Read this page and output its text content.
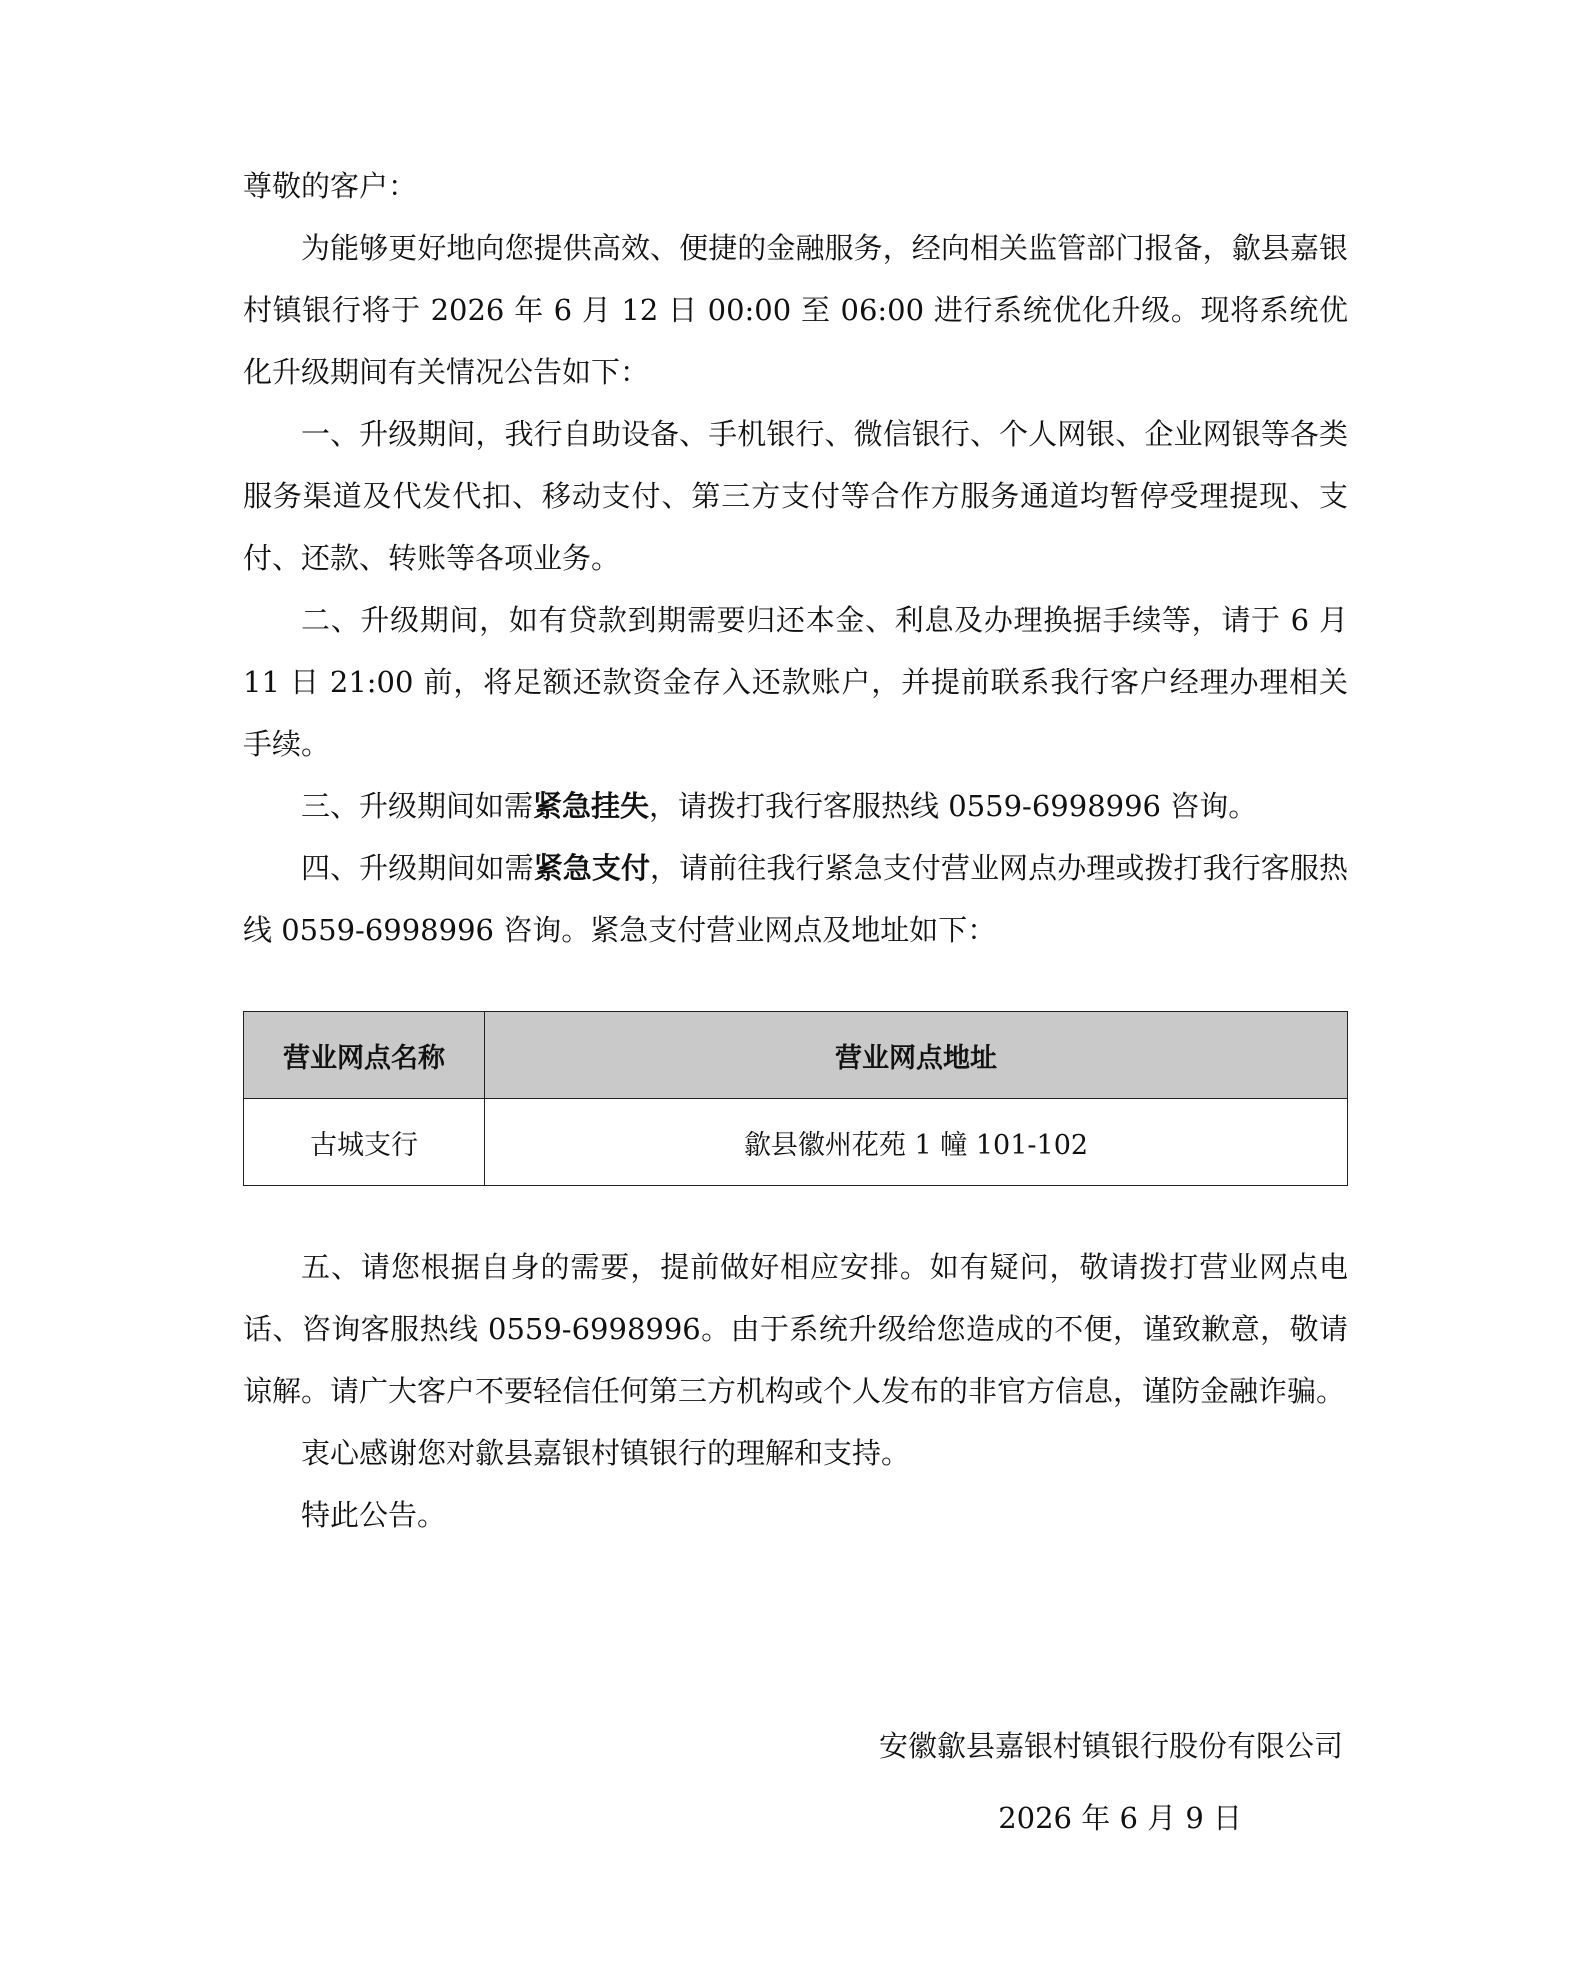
尊敬的客户：

为能够更好地向您提供高效、便捷的金融服务，经向相关监管部门报备，歙县嘉银村镇银行将于 2026 年 6 月 12 日 00:00 至 06:00 进行系统优化升级。现将系统优化升级期间有关情况公告如下：

一、升级期间，我行自助设备、手机银行、微信银行、个人网银、企业网银等各类服务渠道及代发代扣、移动支付、第三方支付等合作方服务通道均暂停受理提现、支付、还款、转账等各项业务。

二、升级期间，如有贷款到期需要归还本金、利息及办理换据手续等，请于 6 月 11 日 21:00 前，将足额还款资金存入还款账户，并提前联系我行客户经理办理相关手续。

三、升级期间如需紧急挂失，请拨打我行客服热线 0559-6998996 咨询。

四、升级期间如需紧急支付，请前往我行紧急支付营业网点办理或拨打我行客服热线 0559-6998996 咨询。紧急支付营业网点及地址如下：

营业网点名称	营业网点地址
古城支行	歙县徽州花苑 1 幢 101-102

五、请您根据自身的需要，提前做好相应安排。如有疑问，敬请拨打营业网点电话、咨询客服热线 0559-6998996。由于系统升级给您造成的不便，谨致歉意，敬请谅解。请广大客户不要轻信任何第三方机构或个人发布的非官方信息，谨防金融诈骗。

衷心感谢您对歙县嘉银村镇银行的理解和支持。

特此公告。

安徽歙县嘉银村镇银行股份有限公司
2026 年 6 月 9 日
